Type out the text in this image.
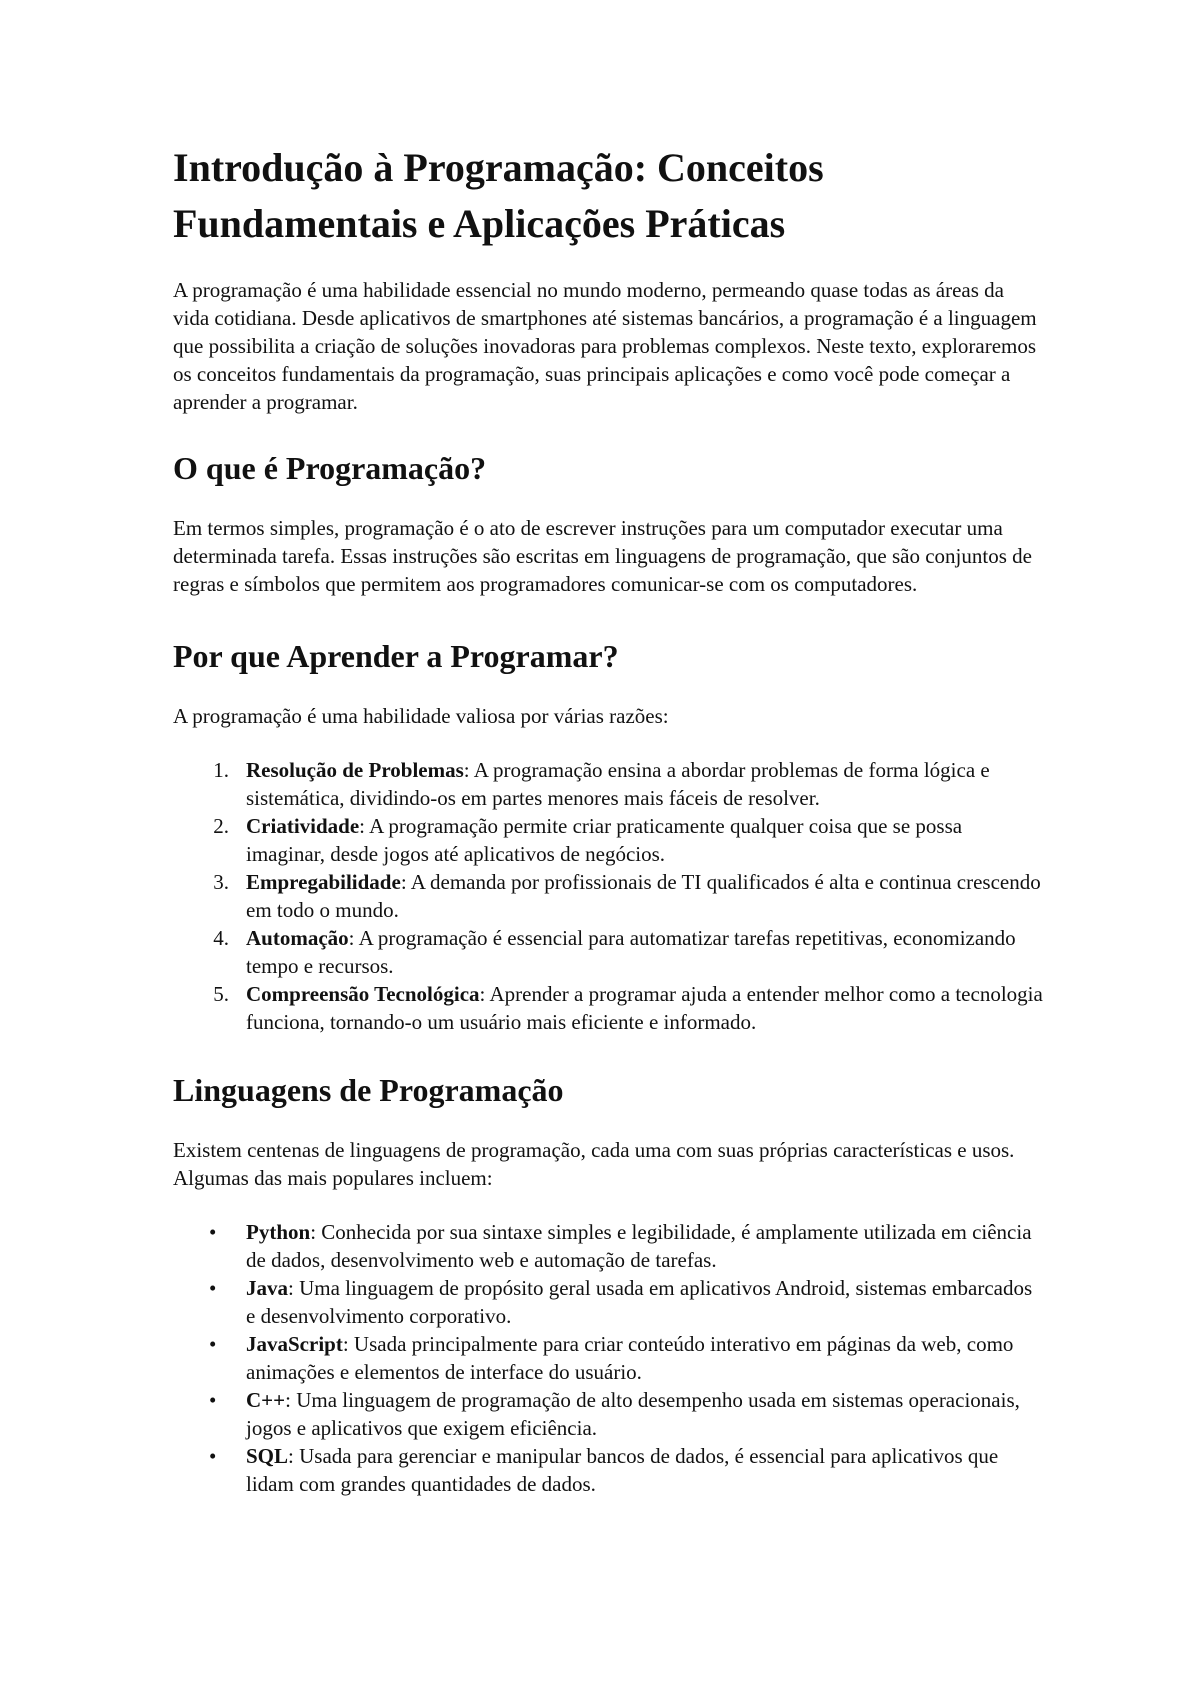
Introdução à Programação: Conceitos Fundamentais e Aplicações Práticas

A programação é uma habilidade essencial no mundo moderno, permeando quase todas as áreas da vida cotidiana. Desde aplicativos de smartphones até sistemas bancários, a programação é a linguagem que possibilita a criação de soluções inovadoras para problemas complexos. Neste texto, exploraremos os conceitos fundamentais da programação, suas principais aplicações e como você pode começar a aprender a programar.

O que é Programação?

Em termos simples, programação é o ato de escrever instruções para um computador executar uma determinada tarefa. Essas instruções são escritas em linguagens de programação, que são conjuntos de regras e símbolos que permitem aos programadores comunicar-se com os computadores.

Por que Aprender a Programar?

A programação é uma habilidade valiosa por várias razões:

1. Resolução de Problemas: A programação ensina a abordar problemas de forma lógica e sistemática, dividindo-os em partes menores mais fáceis de resolver.
2. Criatividade: A programação permite criar praticamente qualquer coisa que se possa imaginar, desde jogos até aplicativos de negócios.
3. Empregabilidade: A demanda por profissionais de TI qualificados é alta e continua crescendo em todo o mundo.
4. Automação: A programação é essencial para automatizar tarefas repetitivas, economizando tempo e recursos.
5. Compreensão Tecnológica: Aprender a programar ajuda a entender melhor como a tecnologia funciona, tornando-o um usuário mais eficiente e informado.
Linguagens de Programação

Existem centenas de linguagens de programação, cada uma com suas próprias características e usos. Algumas das mais populares incluem:

• Python: Conhecida por sua sintaxe simples e legibilidade, é amplamente utilizada em ciência de dados, desenvolvimento web e automação de tarefas.
• Java: Uma linguagem de propósito geral usada em aplicativos Android, sistemas embarcados e desenvolvimento corporativo.
• JavaScript: Usada principalmente para criar conteúdo interativo em páginas da web, como animações e elementos de interface do usuário.
• C++: Uma linguagem de programação de alto desempenho usada em sistemas operacionais, jogos e aplicativos que exigem eficiência.
• SQL: Usada para gerenciar e manipular bancos de dados, é essencial para aplicativos que lidam com grandes quantidades de dados.
